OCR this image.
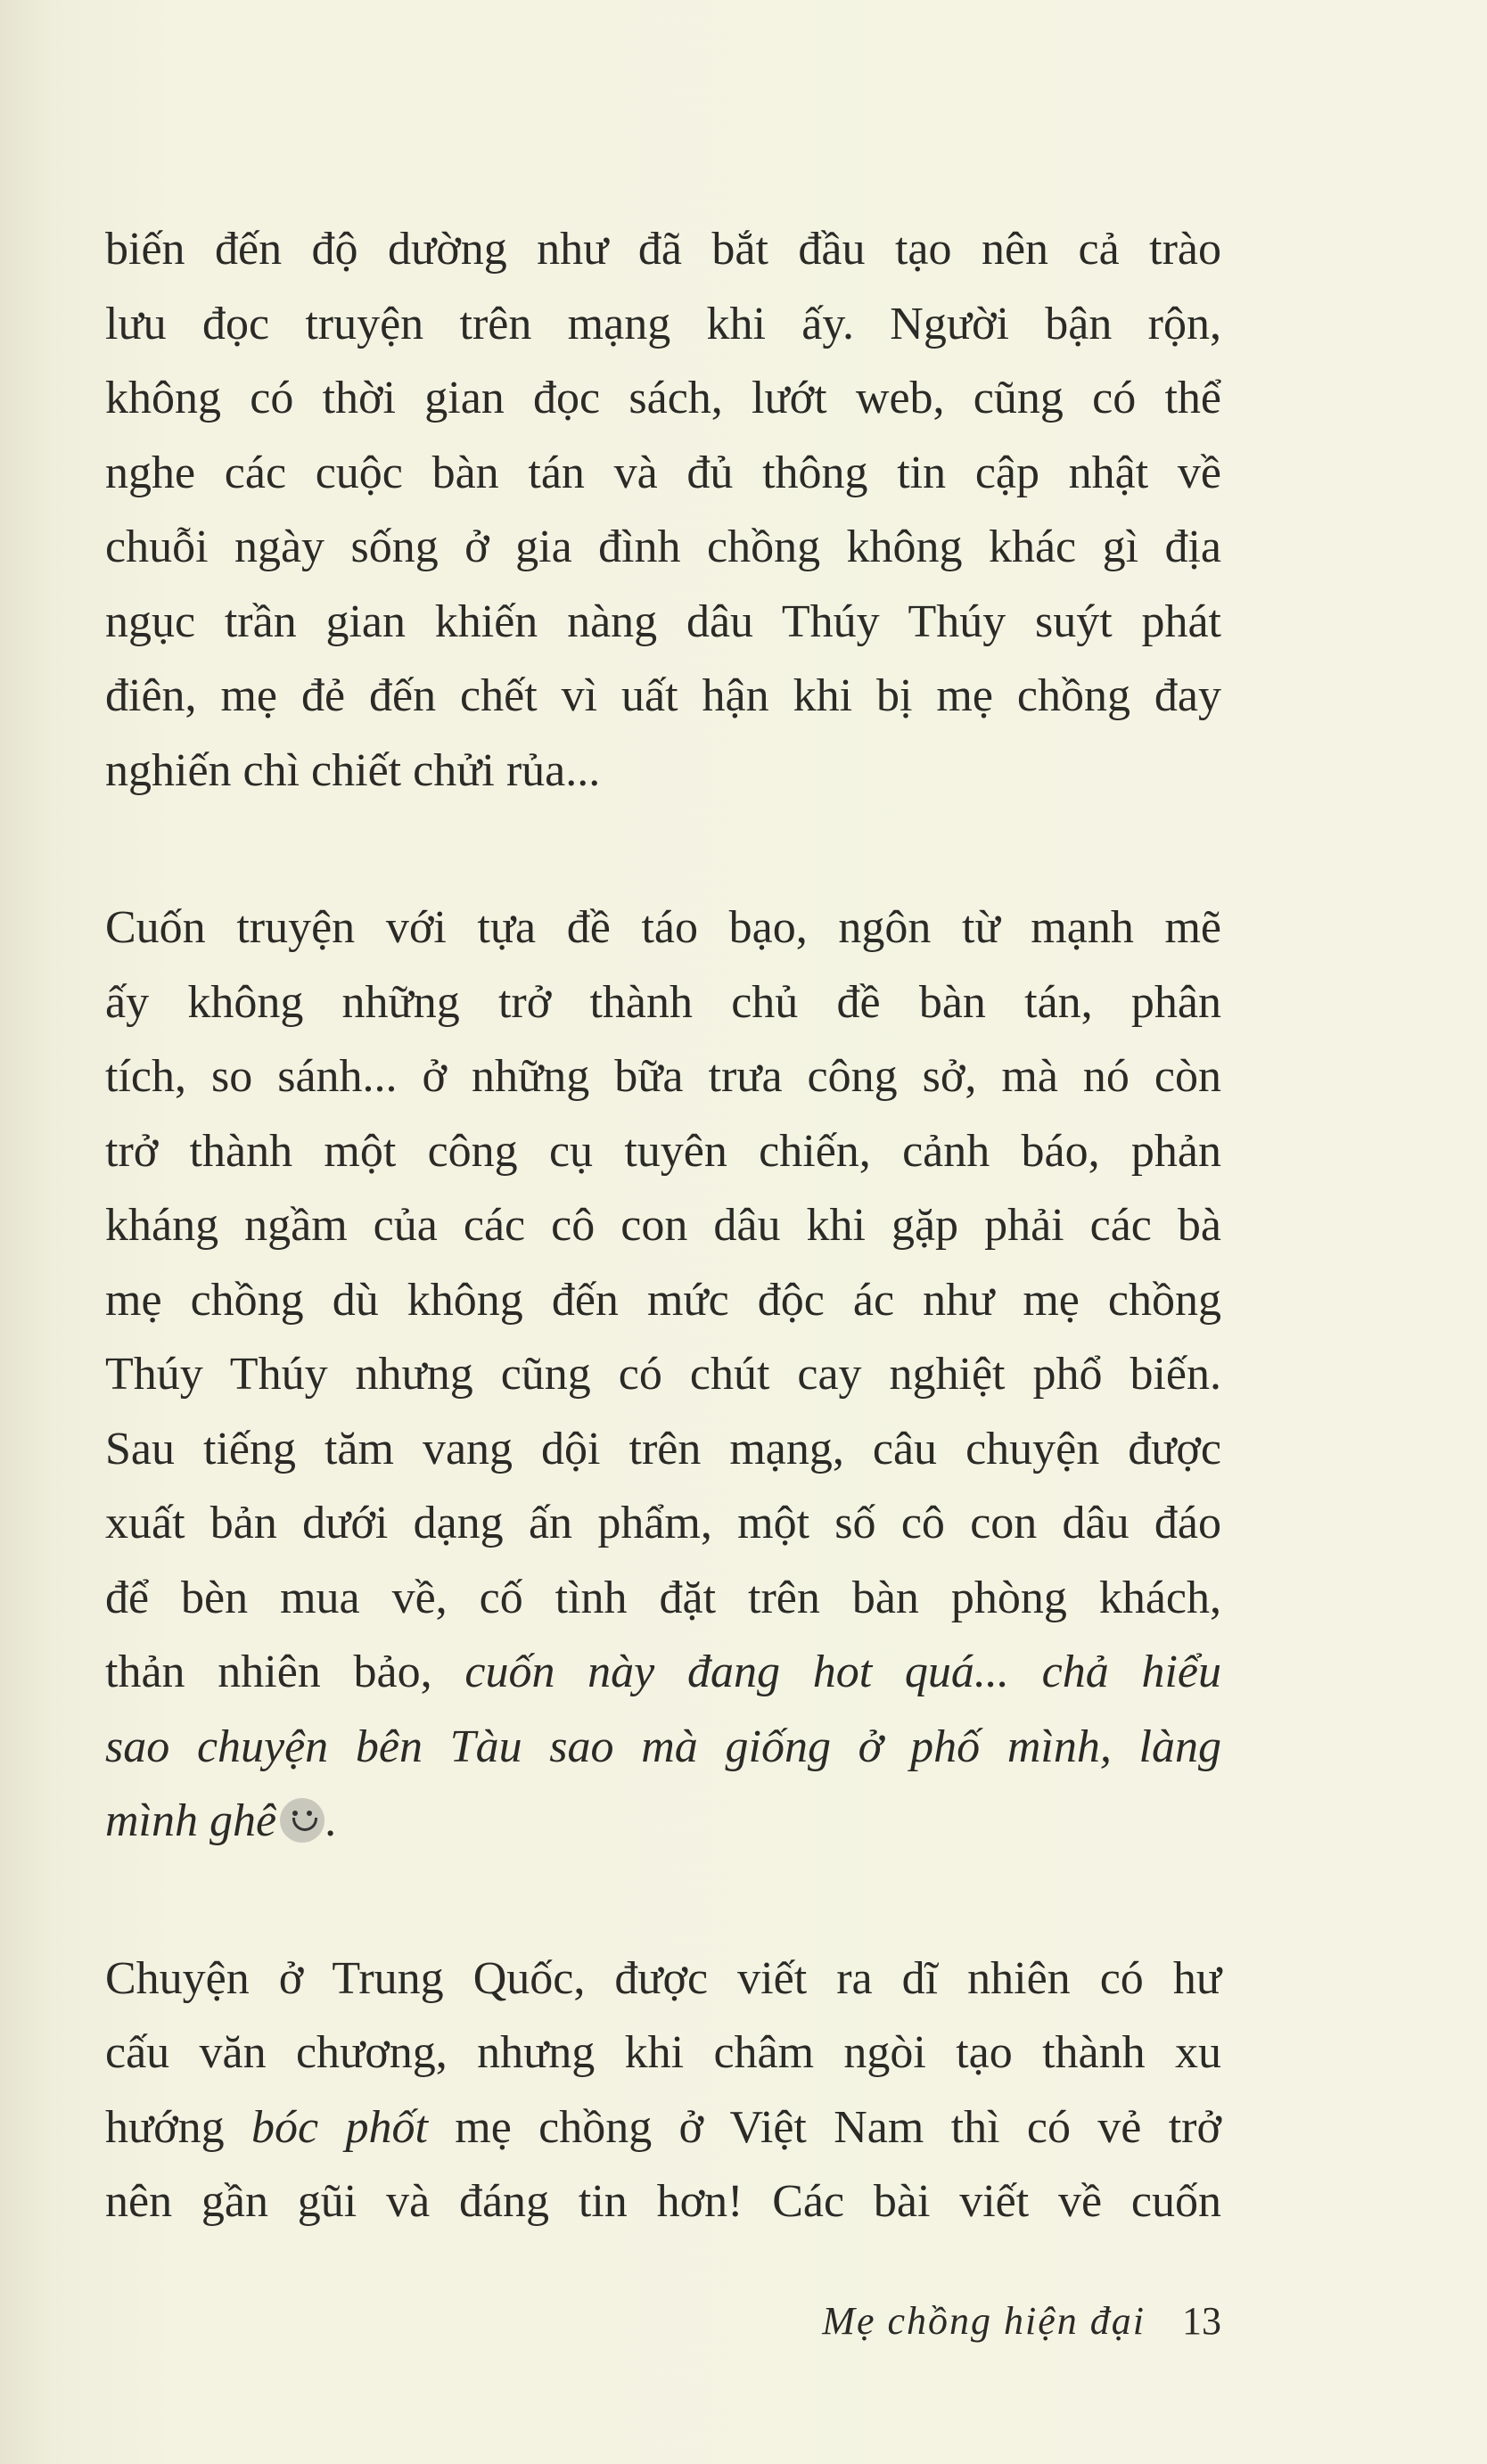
biến đến độ dường như đã bắt đầu tạo nên cả trào
lưu đọc truyện trên mạng khi ấy. Người bận rộn,
không có thời gian đọc sách, lướt web, cũng có thể
nghe các cuộc bàn tán và đủ thông tin cập nhật về
chuỗi ngày sống ở gia đình chồng không khác gì địa
ngục trần gian khiến nàng dâu Thúy Thúy suýt phát
điên, mẹ đẻ đến chết vì uất hận khi bị mẹ chồng đay
nghiến chì chiết chửi rủa...
Cuốn truyện với tựa đề táo bạo, ngôn từ mạnh mẽ
ấy không những trở thành chủ đề bàn tán, phân
tích, so sánh... ở những bữa trưa công sở, mà nó còn
trở thành một công cụ tuyên chiến, cảnh báo, phản
kháng ngầm của các cô con dâu khi gặp phải các bà
mẹ chồng dù không đến mức độc ác như mẹ chồng
Thúy Thúy nhưng cũng có chút cay nghiệt phổ biến.
Sau tiếng tăm vang dội trên mạng, câu chuyện được
xuất bản dưới dạng ấn phẩm, một số cô con dâu đáo
để bèn mua về, cố tình đặt trên bàn phòng khách,
thản nhiên bảo, cuốn này đang hot quá... chả hiểu
sao chuyện bên Tàu sao mà giống ở phố mình, làng
mình ghê .
Chuyện ở Trung Quốc, được viết ra dĩ nhiên có hư
cấu văn chương, nhưng khi châm ngòi tạo thành xu
hướng bóc phốt mẹ chồng ở Việt Nam thì có vẻ trở
nên gần gũi và đáng tin hơn! Các bài viết về cuốn
Mẹ chồng hiện đại 13
